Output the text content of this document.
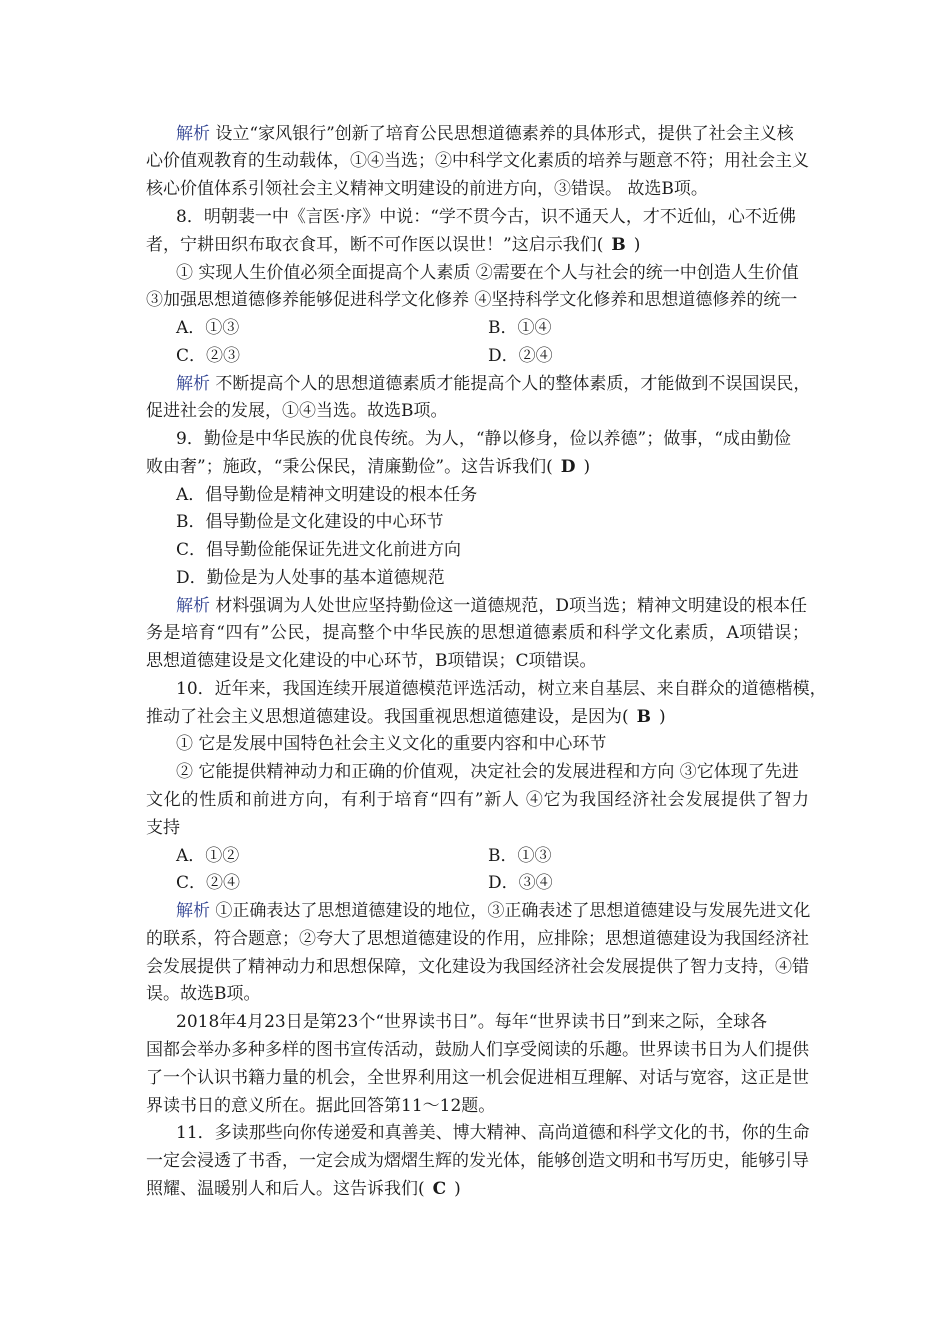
解析 设立“家风银行”创新了培育公民思想道德素养的具体形式，提供了社会主义核
心价值观教育的生动载体，①④当选；②中科学文化素质的培养与题意不符；用社会主义
核心价值体系引领社会主义精神文明建设的前进方向，③错误。 故选B项。
8．明朝裴一中《言医·序》中说：“学不贯今古，识不通天人，才不近仙，心不近佛
者，宁耕田织布取衣食耳，断不可作医以误世！”这启示我们( B )
① 实现人生价值必须全面提高个人素质 ②需要在个人与社会的统一中创造人生价值
③加强思想道德修养能够促进科学文化修养 ④坚持科学文化修养和思想道德修养的统一
A．①③	B．①④
C．②③	D．②④
解析 不断提高个人的思想道德素质才能提高个人的整体素质，才能做到不误国误民，
促进社会的发展，①④当选。故选B项。
9．勤俭是中华民族的优良传统。为人，“静以修身，俭以养德”；做事，“成由勤俭
败由奢”；施政，“秉公保民，清廉勤俭”。这告诉我们( D )
A．倡导勤俭是精神文明建设的根本任务
B．倡导勤俭是文化建设的中心环节
C．倡导勤俭能保证先进文化前进方向
D．勤俭是为人处事的基本道德规范
解析 材料强调为人处世应坚持勤俭这一道德规范，D项当选；精神文明建设的根本任
务是培育“四有”公民，提高整个中华民族的思想道德素质和科学文化素质，A项错误；
思想道德建设是文化建设的中心环节，B项错误；C项错误。
10．近年来，我国连续开展道德模范评选活动，树立来自基层、来自群众的道德楷模，
推动了社会主义思想道德建设。我国重视思想道德建设，是因为( B )
① 它是发展中国特色社会主义文化的重要内容和中心环节
② 它能提供精神动力和正确的价值观，决定社会的发展进程和方向 ③它体现了先进
文化的性质和前进方向，有利于培育“四有”新人 ④它为我国经济社会发展提供了智力
支持
A．①②	B．①③
C．②④	D．③④
解析 ①正确表达了思想道德建设的地位，③正确表述了思想道德建设与发展先进文化
的联系，符合题意；②夸大了思想道德建设的作用，应排除；思想道德建设为我国经济社
会发展提供了精神动力和思想保障，文化建设为我国经济社会发展提供了智力支持，④错
误。故选B项。
2018年4月23日是第23个“世界读书日”。每年“世界读书日”到来之际，全球各
国都会举办多种多样的图书宣传活动，鼓励人们享受阅读的乐趣。世界读书日为人们提供
了一个认识书籍力量的机会，全世界利用这一机会促进相互理解、对话与宽容，这正是世
界读书日的意义所在。据此回答第11～12题。
11．多读那些向你传递爱和真善美、博大精神、高尚道德和科学文化的书，你的生命
一定会浸透了书香，一定会成为熠熠生辉的发光体，能够创造文明和书写历史，能够引导
照耀、温暖别人和后人。这告诉我们( C )
